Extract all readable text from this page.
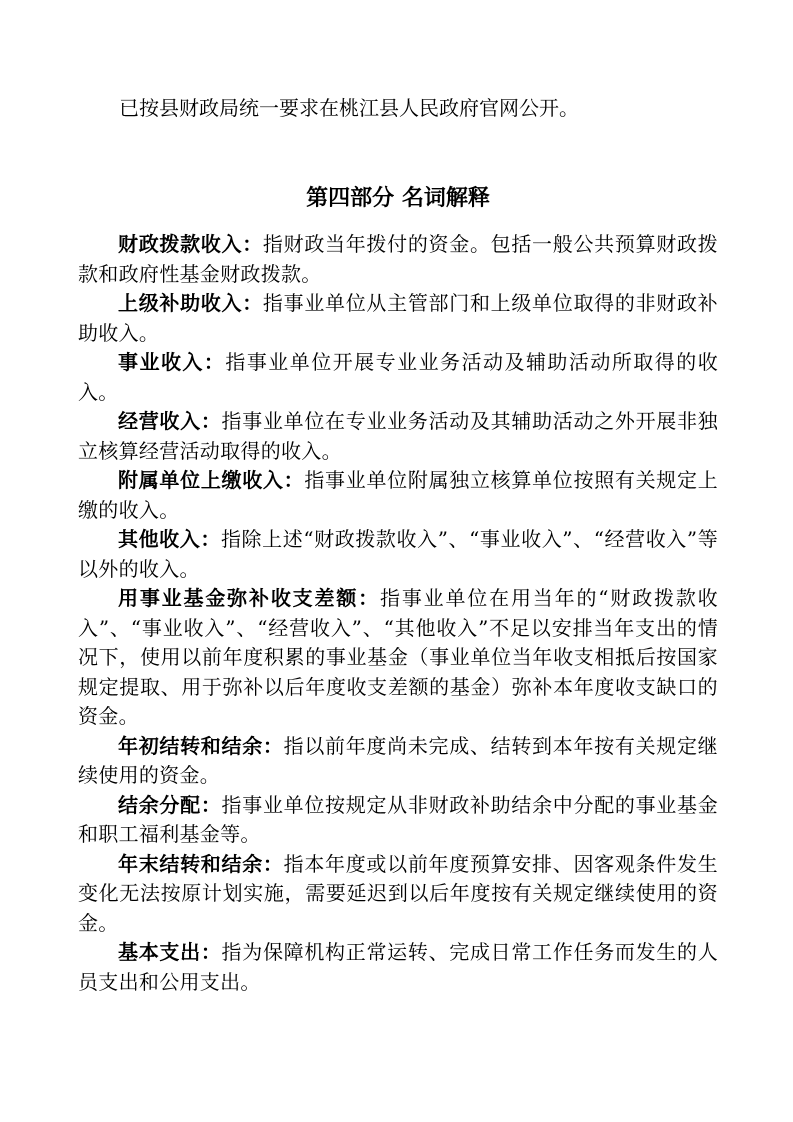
已按县财政局统一要求在桃江县人民政府官网公开。

第四部分 名词解释

财政拨款收入：指财政当年拨付的资金。包括一般公共预算财政拨款和政府性基金财政拨款。

上级补助收入：指事业单位从主管部门和上级单位取得的非财政补助收入。

事业收入：指事业单位开展专业业务活动及辅助活动所取得的收入。

经营收入：指事业单位在专业业务活动及其辅助活动之外开展非独立核算经营活动取得的收入。

附属单位上缴收入：指事业单位附属独立核算单位按照有关规定上缴的收入。

其他收入：指除上述“财政拨款收入”、“事业收入”、“经营收入”等以外的收入。

用事业基金弥补收支差额：指事业单位在用当年的“财政拨款收入”、“事业收入”、“经营收入”、“其他收入”不足以安排当年支出的情况下，使用以前年度积累的事业基金（事业单位当年收支相抵后按国家规定提取、用于弥补以后年度收支差额的基金）弥补本年度收支缺口的资金。

年初结转和结余：指以前年度尚未完成、结转到本年按有关规定继续使用的资金。

结余分配：指事业单位按规定从非财政补助结余中分配的事业基金和职工福利基金等。

年末结转和结余：指本年度或以前年度预算安排、因客观条件发生变化无法按原计划实施，需要延迟到以后年度按有关规定继续使用的资金。

基本支出：指为保障机构正常运转、完成日常工作任务而发生的人员支出和公用支出。
